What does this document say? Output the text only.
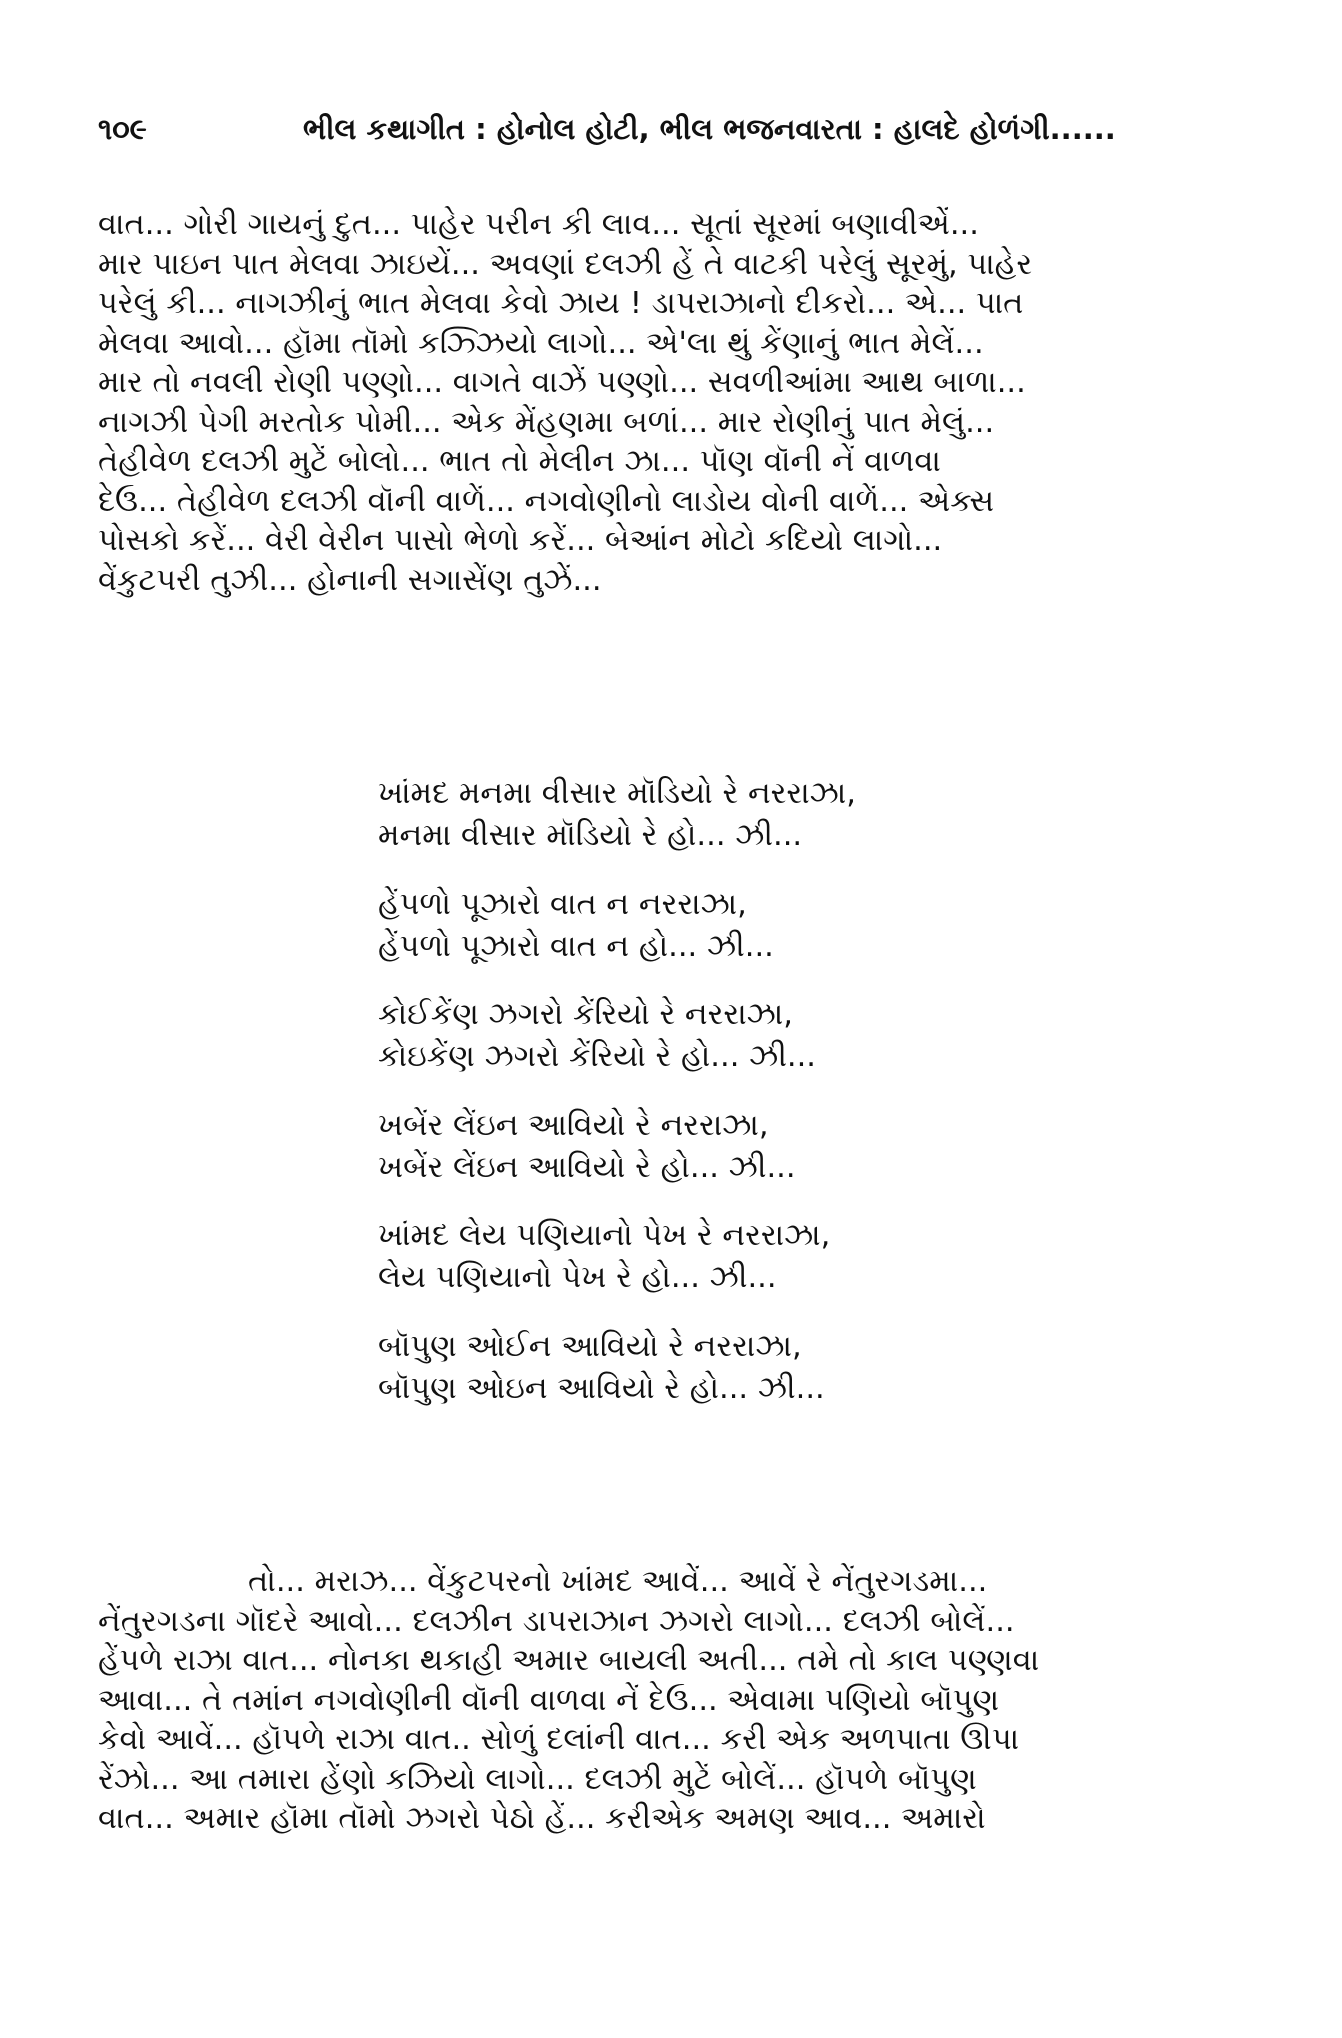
૧૦૯	ભીલ કથાગીત : હોનોલ હોટી, ભીલ ભજનવારતા : હાલદે હોળંગી......
વાત... ગોરી ગાયનું દુત... પાહેર પરીન કી લાવ... સૂતાં સૂરમાં બણાવીએં...
માર પાઇન પાત મેલવા ઝાઇયેં... અવણાં દલઝી હેં તે વાટકી પરેલું સૂરમું, પાહેર
પરેલું કી... નાગઝીનું ભાત મેલવા કેવો ઝાય ! ડાપરાઝાનો દીકરો... એ... પાત
મેલવા આવો... હૉમા તૉમો કઝ્ઝિયો લાગો... એ'લા થું કેંણાનું ભાત મેલેં...
માર તો નવલી રોણી પણ્ણો... વાગતે વાઝેં પણ્ણો... સવળીઆંમા આથ બાળા...
નાગઝી પેગી મરતોક પોમી... એક મેંહણમા બળાં... માર રોણીનું પાત મેલું...
તેહીવેળ દલઝી મુટેં બોલો... ભાત તો મેલીન ઝા... પૉણ વૉની નેં વાળવા
દેઉં... તેહીવેળ દલઝી વૉની વાળેં... નગવોણીનો લાડોય વોની વાળેં... એક્સ
પોસકો કરેં... વેરી વેરીન પાસો ભેળો કરેં... બેઆંન મોટો કદિયો લાગો...
વેંકુટપરી તુઝી... હોનાની સગાસેંણ તુઝેં...
ખાંમદ મનમા વીસાર મૉડિયો રે નરરાઝા,
મનમા વીસાર મૉડિયો રે હો... ઝી...
હેંપળો પૂઝારો વાત ન નરરાઝા,
હેંપળો પૂઝારો વાત ન હો... ઝી...
કોઈકેંણ ઝગરો કેંરિયો રે નરરાઝા,
કોઇકેંણ ઝગરો કેંરિયો રે હો... ઝી...
ખબેંર લેંઇન આવિયો રે નરરાઝા,
ખબેંર લેંઇન આવિયો રે હો... ઝી...
ખાંમદ લેય પણિયાનો પેખ રે નરરાઝા,
લેય પણિયાનો પેખ રે હો... ઝી...
બૉપુણ ઓઈન આવિયો રે નરરાઝા,
બૉપુણ ઓઇન આવિયો રે હો... ઝી...
તો... મરાઝ... વેંકુટપરનો ખાંમદ આવેં... આવેં રે નેંતુરગડમા...
નેંતુરગડના ગૉદરે આવો... દલઝીન ડાપરાઝાન ઝગરો લાગો... દલઝી બોલેં...
હેંપળે રાઝા વાત... નોનકા થકાહી અમાર બાયલી અતી... તમે તો કાલ પણ્ણવા
આવા... તે તમાંન નગવોણીની વૉની વાળવા નેં દેઉં... એવામા પણિયો બૉપુણ
કેવો આવેં... હૉપળે રાઝા વાત.. સોળું દલાંની વાત... કરી એક અળપાતા ઊપા
રેંઝો... આ તમારા હેંણો કઝિયો લાગો... દલઝી મુટેં બોલેં... હૉપળે બૉપુણ
વાત... અમાર હૉમા તૉમો ઝગરો પેઠો હેં... કરીએક અમણ આવ... અમારો
